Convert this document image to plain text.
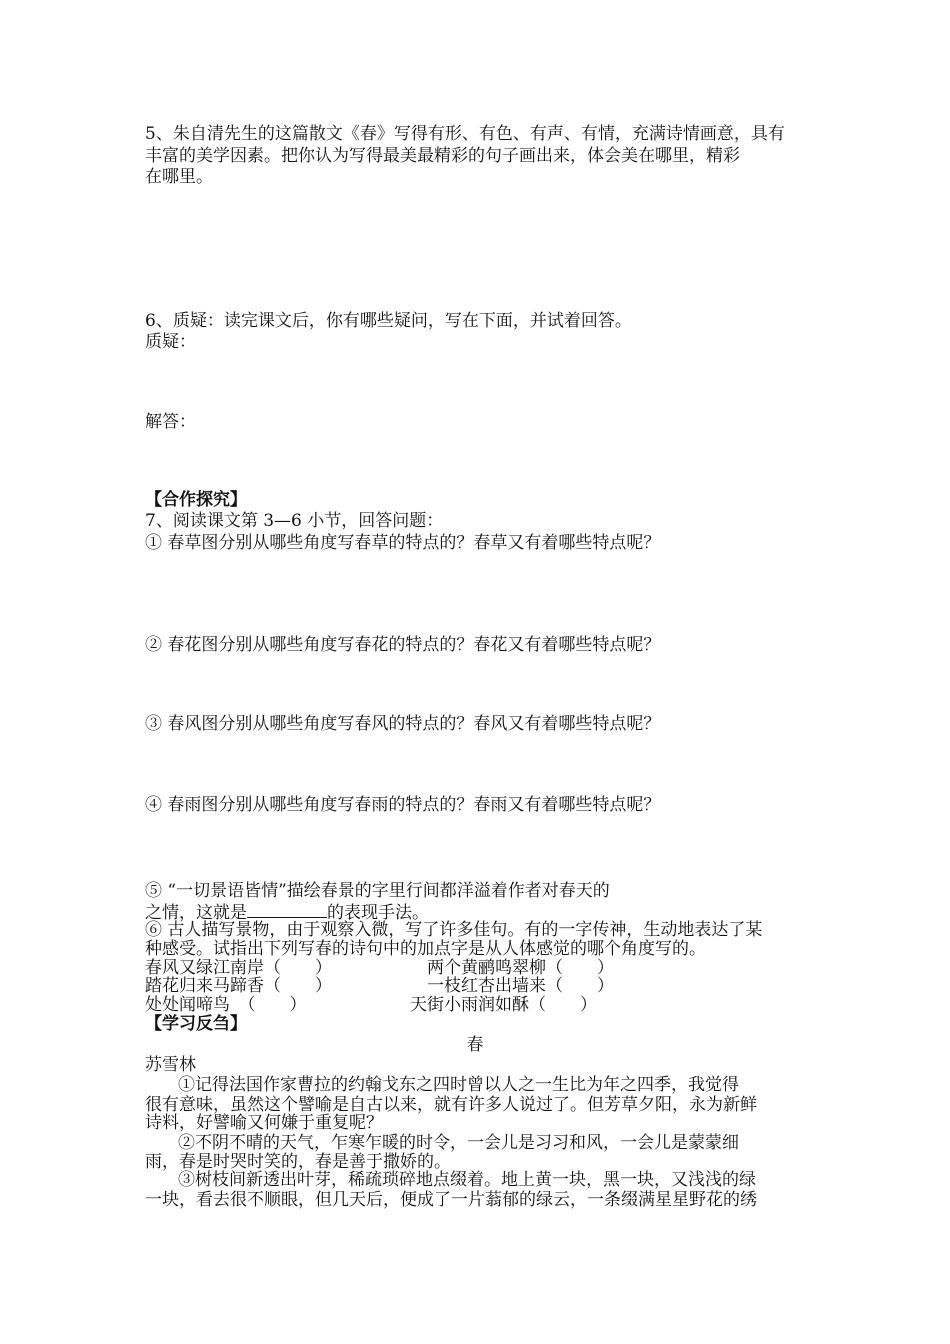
5、朱自清先生的这篇散文《春》写得有形、有色、有声、有情，充满诗情画意，具有
丰富的美学因素。把你认为写得最美最精彩的句子画出来，体会美在哪里，精彩
在哪里。
6、质疑：读完课文后，你有哪些疑问，写在下面，并试着回答。
质疑：
解答：
【合作探究】
7、阅读课文第 3—6 小节，回答问题：
① 春草图分别从哪些角度写春草的特点的？春草又有着哪些特点呢？
② 春花图分别从哪些角度写春花的特点的？春花又有着哪些特点呢？
③ 春风图分别从哪些角度写春风的特点的？春风又有着哪些特点呢？
④ 春雨图分别从哪些角度写春雨的特点的？春雨又有着哪些特点呢？
⑤ “一切景语皆情”描绘春景的字里行间都洋溢着作者对春天的
之情，这就是	的表现手法。
⑥ 古人描写景物，由于观察入微，写了许多佳句。有的一字传神，生动地表达了某
种感受。试指出下列写春的诗句中的加点字是从人体感觉的哪个角度写的。
春风又绿江南岸（　　）	两个黄鹂鸣翠柳（　　）
踏花归来马蹄香（　　）	一枝红杏出墙来（　　）
处处闻啼鸟　（　　）	天街小雨润如酥（　　）
【学习反刍】
春
苏雪林
①记得法国作家曹拉的约翰戈东之四时曾以人之一生比为年之四季，我觉得
很有意味，虽然这个譬喻是自古以来，就有许多人说过了。但芳草夕阳，永为新鲜
诗料，好譬喻又何嫌于重复呢？
②不阴不晴的天气，乍寒乍暖的时令，一会儿是习习和风，一会儿是蒙蒙细
雨，春是时哭时笑的，春是善于撒娇的。
③树枝间新透出叶芽，稀疏琐碎地点缀着。地上黄一块，黑一块，又浅浅的绿
一块，看去很不顺眼，但几天后，便成了一片蓊郁的绿云，一条缀满星星野花的绣
